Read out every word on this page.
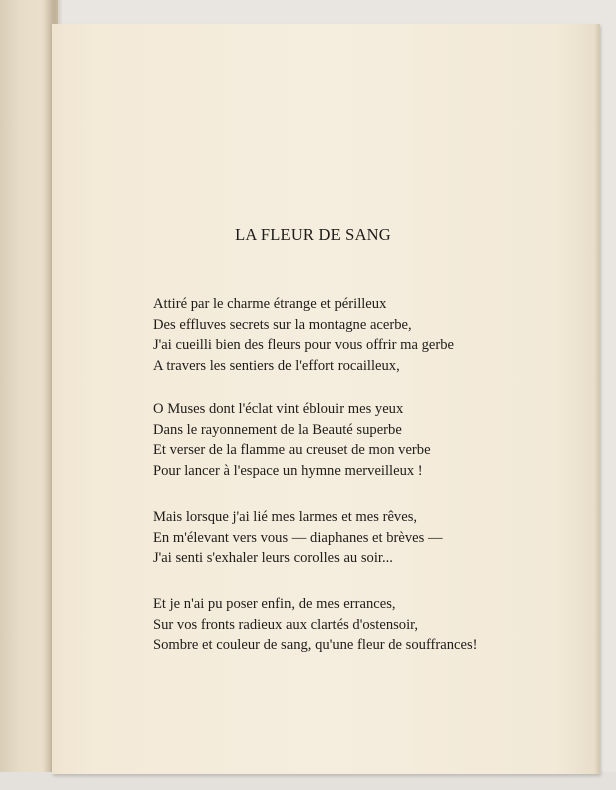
LA FLEUR DE SANG
Attiré par le charme étrange et périlleux
Des effluves secrets sur la montagne acerbe,
J'ai cueilli bien des fleurs pour vous offrir ma gerbe
A travers les sentiers de l'effort rocailleux,
O Muses dont l'éclat vint éblouir mes yeux
Dans le rayonnement de la Beauté superbe
Et verser de la flamme au creuset de mon verbe
Pour lancer à l'espace un hymne merveilleux !
Mais lorsque j'ai lié mes larmes et mes rêves,
En m'élevant vers vous — diaphanes et brèves —
J'ai senti s'exhaler leurs corolles au soir...
Et je n'ai pu poser enfin, de mes errances,
Sur vos fronts radieux aux clartés d'ostensoir,
Sombre et couleur de sang, qu'une fleur de souffrances!
